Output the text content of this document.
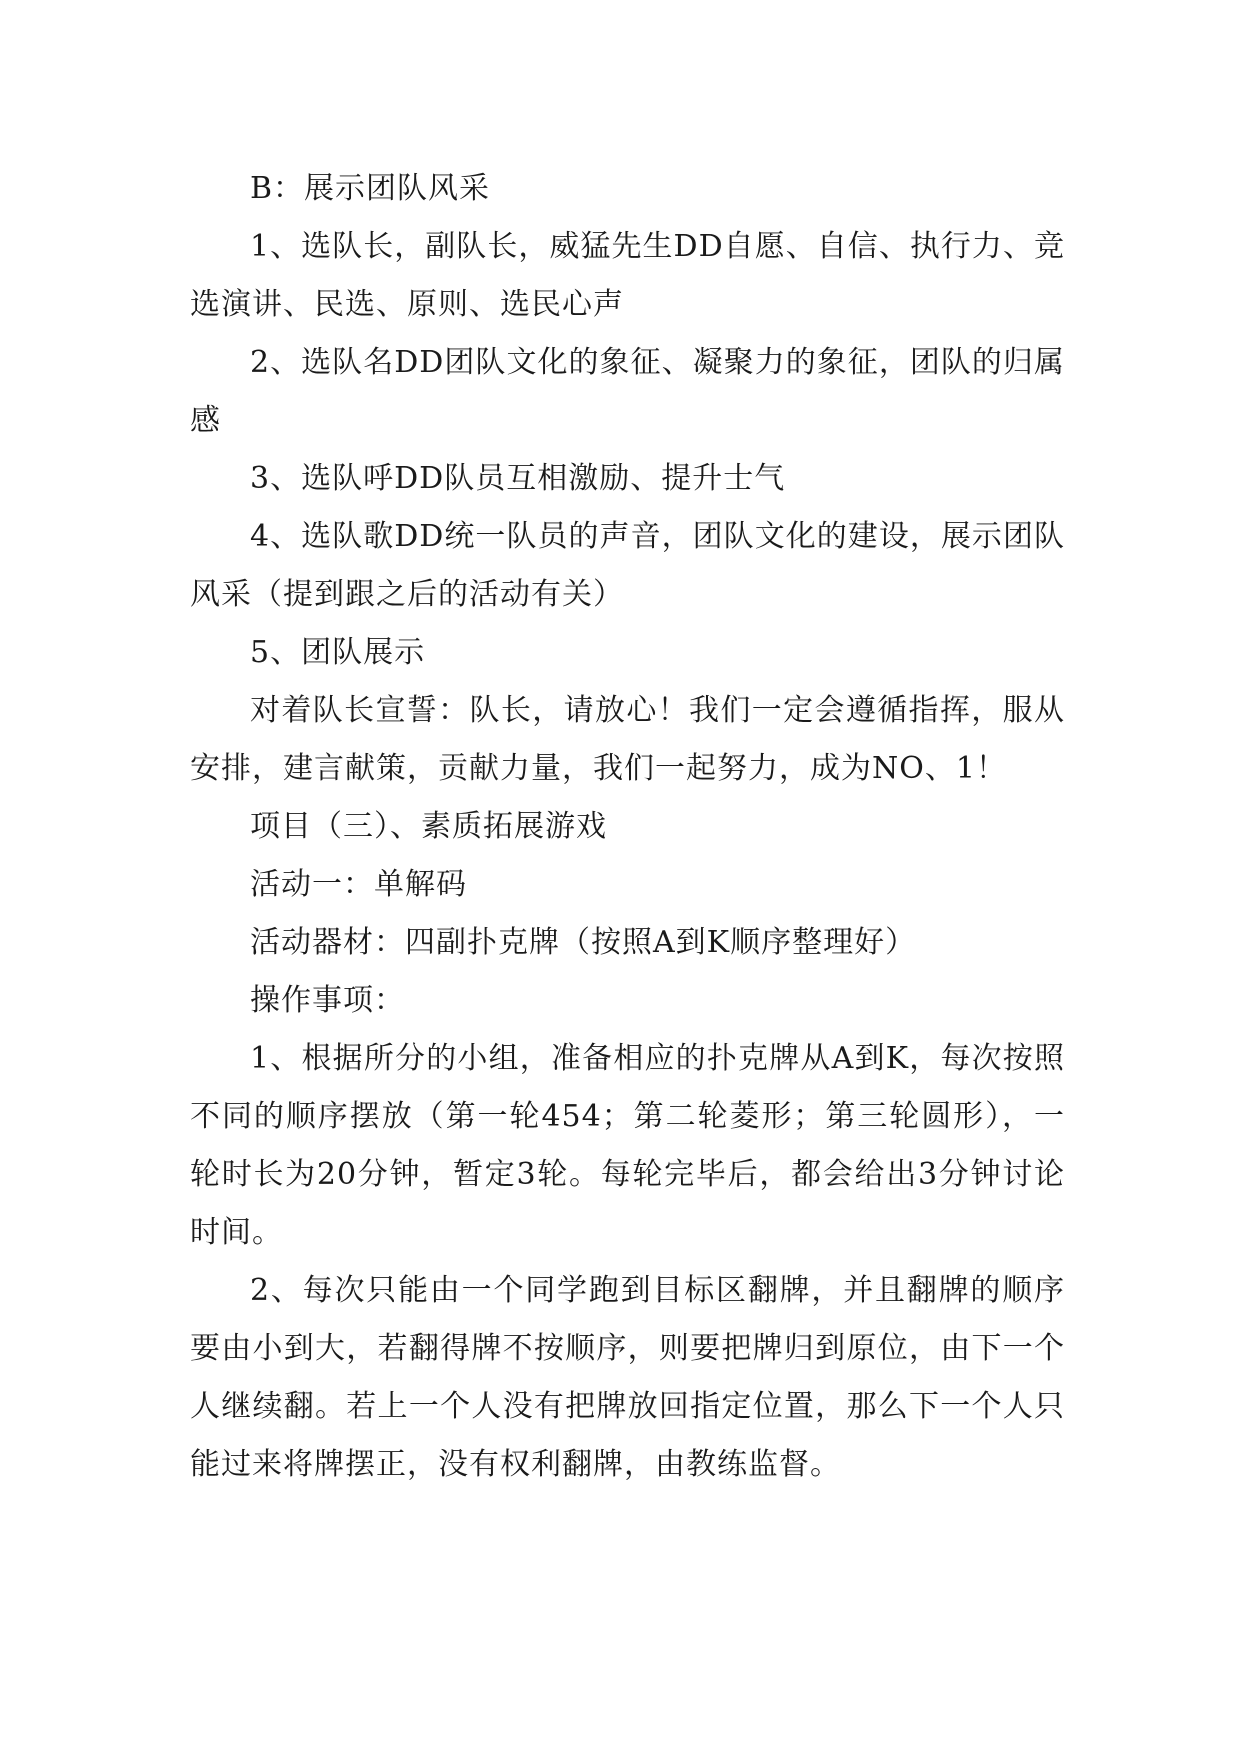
B：展示团队风采

1、选队长，副队长，威猛先生DD自愿、自信、执行力、竞选演讲、民选、原则、选民心声

2、选队名DD团队文化的象征、凝聚力的象征，团队的归属感

3、选队呼DD队员互相激励、提升士气

4、选队歌DD统一队员的声音，团队文化的建设，展示团队风采（提到跟之后的活动有关）

5、团队展示

对着队长宣誓：队长，请放心！我们一定会遵循指挥，服从安排，建言献策，贡献力量，我们一起努力，成为NO、1！

项目（三）、素质拓展游戏

活动一：单解码

活动器材：四副扑克牌（按照A到K顺序整理好）

操作事项：

1、根据所分的小组，准备相应的扑克牌从A到K，每次按照不同的顺序摆放（第一轮454；第二轮菱形；第三轮圆形），一轮时长为20分钟，暂定3轮。每轮完毕后，都会给出3分钟讨论时间。

2、每次只能由一个同学跑到目标区翻牌，并且翻牌的顺序要由小到大，若翻得牌不按顺序，则要把牌归到原位，由下一个人继续翻。若上一个人没有把牌放回指定位置，那么下一个人只能过来将牌摆正，没有权利翻牌，由教练监督。
